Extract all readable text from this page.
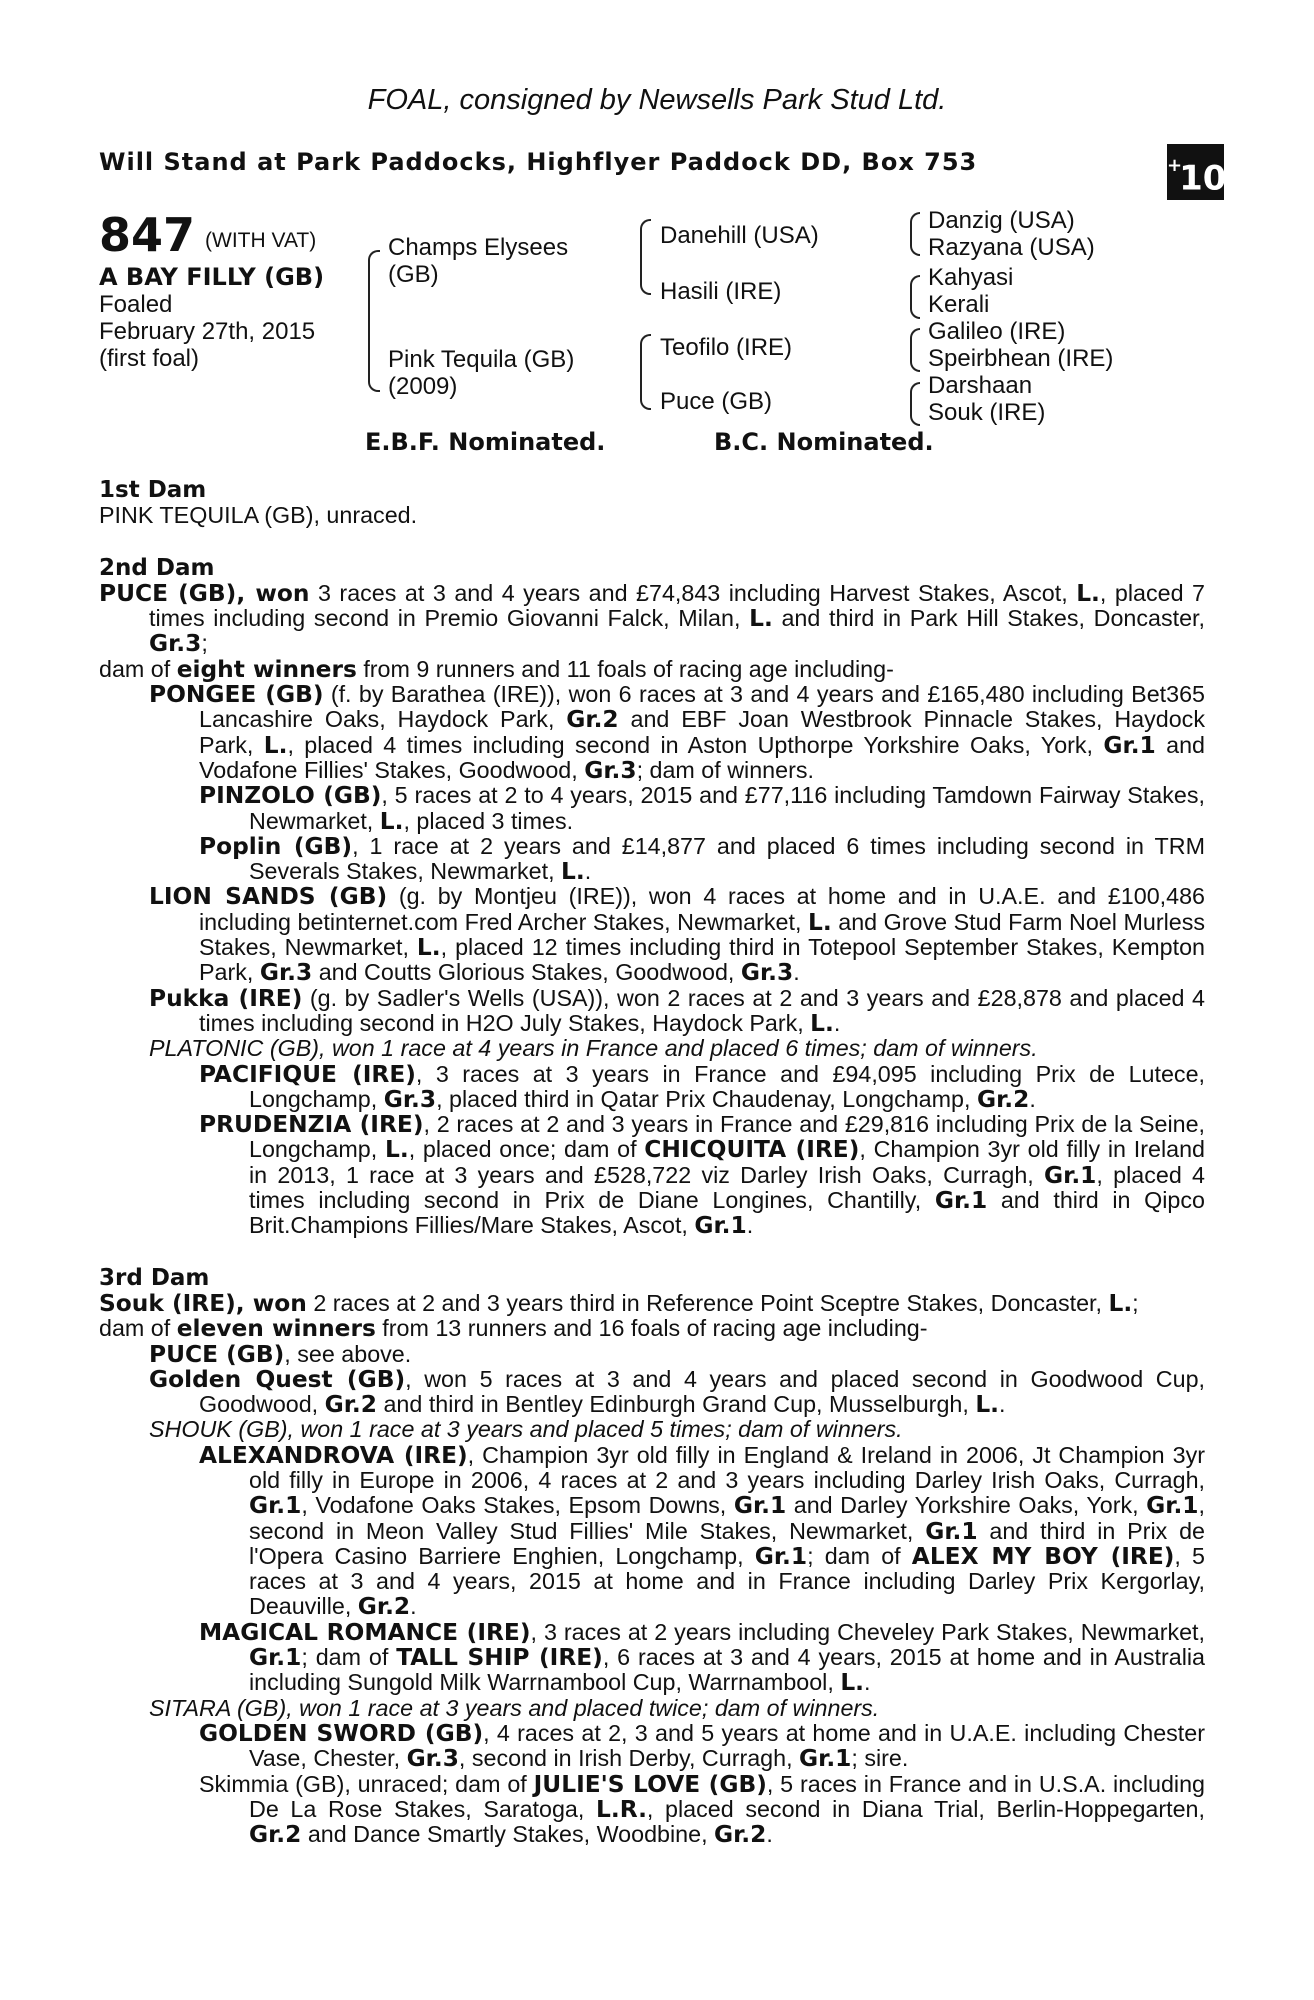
FOAL, consigned by Newsells Park Stud Ltd.
Will Stand at Park Paddocks, Highflyer Paddock DD, Box 753	+10
847 (WITH VAT)
A BAY FILLY (GB)
Foaled
February 27th, 2015
(first foal)
Champs Elysees
(GB)
Pink Tequila (GB)
(2009)
Danehill (USA)
Hasili (IRE)
Teofilo (IRE)
Puce (GB)
Danzig (USA)
Razyana (USA)
Kahyasi
Kerali
Galileo (IRE)
Speirbhean (IRE)
Darshaan
Souk (IRE)
E.B.F. Nominated.	B.C. Nominated.
1st Dam
PINK TEQUILA (GB), unraced.
2nd Dam
PUCE (GB), won 3 races at 3 and 4 years and £74,843 including Harvest Stakes, Ascot, L., placed 7 times including second in Premio Giovanni Falck, Milan, L. and third in Park Hill Stakes, Doncaster, Gr.3;
dam of eight winners from 9 runners and 11 foals of racing age including-
PONGEE (GB) (f. by Barathea (IRE)), won 6 races at 3 and 4 years and £165,480 including Bet365 Lancashire Oaks, Haydock Park, Gr.2 and EBF Joan Westbrook Pinnacle Stakes, Haydock Park, L., placed 4 times including second in Aston Upthorpe Yorkshire Oaks, York, Gr.1 and Vodafone Fillies' Stakes, Goodwood, Gr.3; dam of winners.
PINZOLO (GB), 5 races at 2 to 4 years, 2015 and £77,116 including Tamdown Fairway Stakes, Newmarket, L., placed 3 times.
Poplin (GB), 1 race at 2 years and £14,877 and placed 6 times including second in TRM Severals Stakes, Newmarket, L..
LION SANDS (GB) (g. by Montjeu (IRE)), won 4 races at home and in U.A.E. and £100,486 including betinternet.com Fred Archer Stakes, Newmarket, L. and Grove Stud Farm Noel Murless Stakes, Newmarket, L., placed 12 times including third in Totepool September Stakes, Kempton Park, Gr.3 and Coutts Glorious Stakes, Goodwood, Gr.3.
Pukka (IRE) (g. by Sadler's Wells (USA)), won 2 races at 2 and 3 years and £28,878 and placed 4 times including second in H2O July Stakes, Haydock Park, L..
PLATONIC (GB), won 1 race at 4 years in France and placed 6 times; dam of winners.
PACIFIQUE (IRE), 3 races at 3 years in France and £94,095 including Prix de Lutece, Longchamp, Gr.3, placed third in Qatar Prix Chaudenay, Longchamp, Gr.2.
PRUDENZIA (IRE), 2 races at 2 and 3 years in France and £29,816 including Prix de la Seine, Longchamp, L., placed once; dam of CHICQUITA (IRE), Champion 3yr old filly in Ireland in 2013, 1 race at 3 years and £528,722 viz Darley Irish Oaks, Curragh, Gr.1, placed 4 times including second in Prix de Diane Longines, Chantilly, Gr.1 and third in Qipco Brit.Champions Fillies/Mare Stakes, Ascot, Gr.1.
3rd Dam
Souk (IRE), won 2 races at 2 and 3 years third in Reference Point Sceptre Stakes, Doncaster, L.;
dam of eleven winners from 13 runners and 16 foals of racing age including-
PUCE (GB), see above.
Golden Quest (GB), won 5 races at 3 and 4 years and placed second in Goodwood Cup, Goodwood, Gr.2 and third in Bentley Edinburgh Grand Cup, Musselburgh, L..
SHOUK (GB), won 1 race at 3 years and placed 5 times; dam of winners.
ALEXANDROVA (IRE), Champion 3yr old filly in England & Ireland in 2006, Jt Champion 3yr old filly in Europe in 2006, 4 races at 2 and 3 years including Darley Irish Oaks, Curragh, Gr.1, Vodafone Oaks Stakes, Epsom Downs, Gr.1 and Darley Yorkshire Oaks, York, Gr.1, second in Meon Valley Stud Fillies' Mile Stakes, Newmarket, Gr.1 and third in Prix de l'Opera Casino Barriere Enghien, Longchamp, Gr.1; dam of ALEX MY BOY (IRE), 5 races at 3 and 4 years, 2015 at home and in France including Darley Prix Kergorlay, Deauville, Gr.2.
MAGICAL ROMANCE (IRE), 3 races at 2 years including Cheveley Park Stakes, Newmarket, Gr.1; dam of TALL SHIP (IRE), 6 races at 3 and 4 years, 2015 at home and in Australia including Sungold Milk Warrnambool Cup, Warrnambool, L..
SITARA (GB), won 1 race at 3 years and placed twice; dam of winners.
GOLDEN SWORD (GB), 4 races at 2, 3 and 5 years at home and in U.A.E. including Chester Vase, Chester, Gr.3, second in Irish Derby, Curragh, Gr.1; sire.
Skimmia (GB), unraced; dam of JULIE'S LOVE (GB), 5 races in France and in U.S.A. including De La Rose Stakes, Saratoga, L.R., placed second in Diana Trial, Berlin-Hoppegarten, Gr.2 and Dance Smartly Stakes, Woodbine, Gr.2.
